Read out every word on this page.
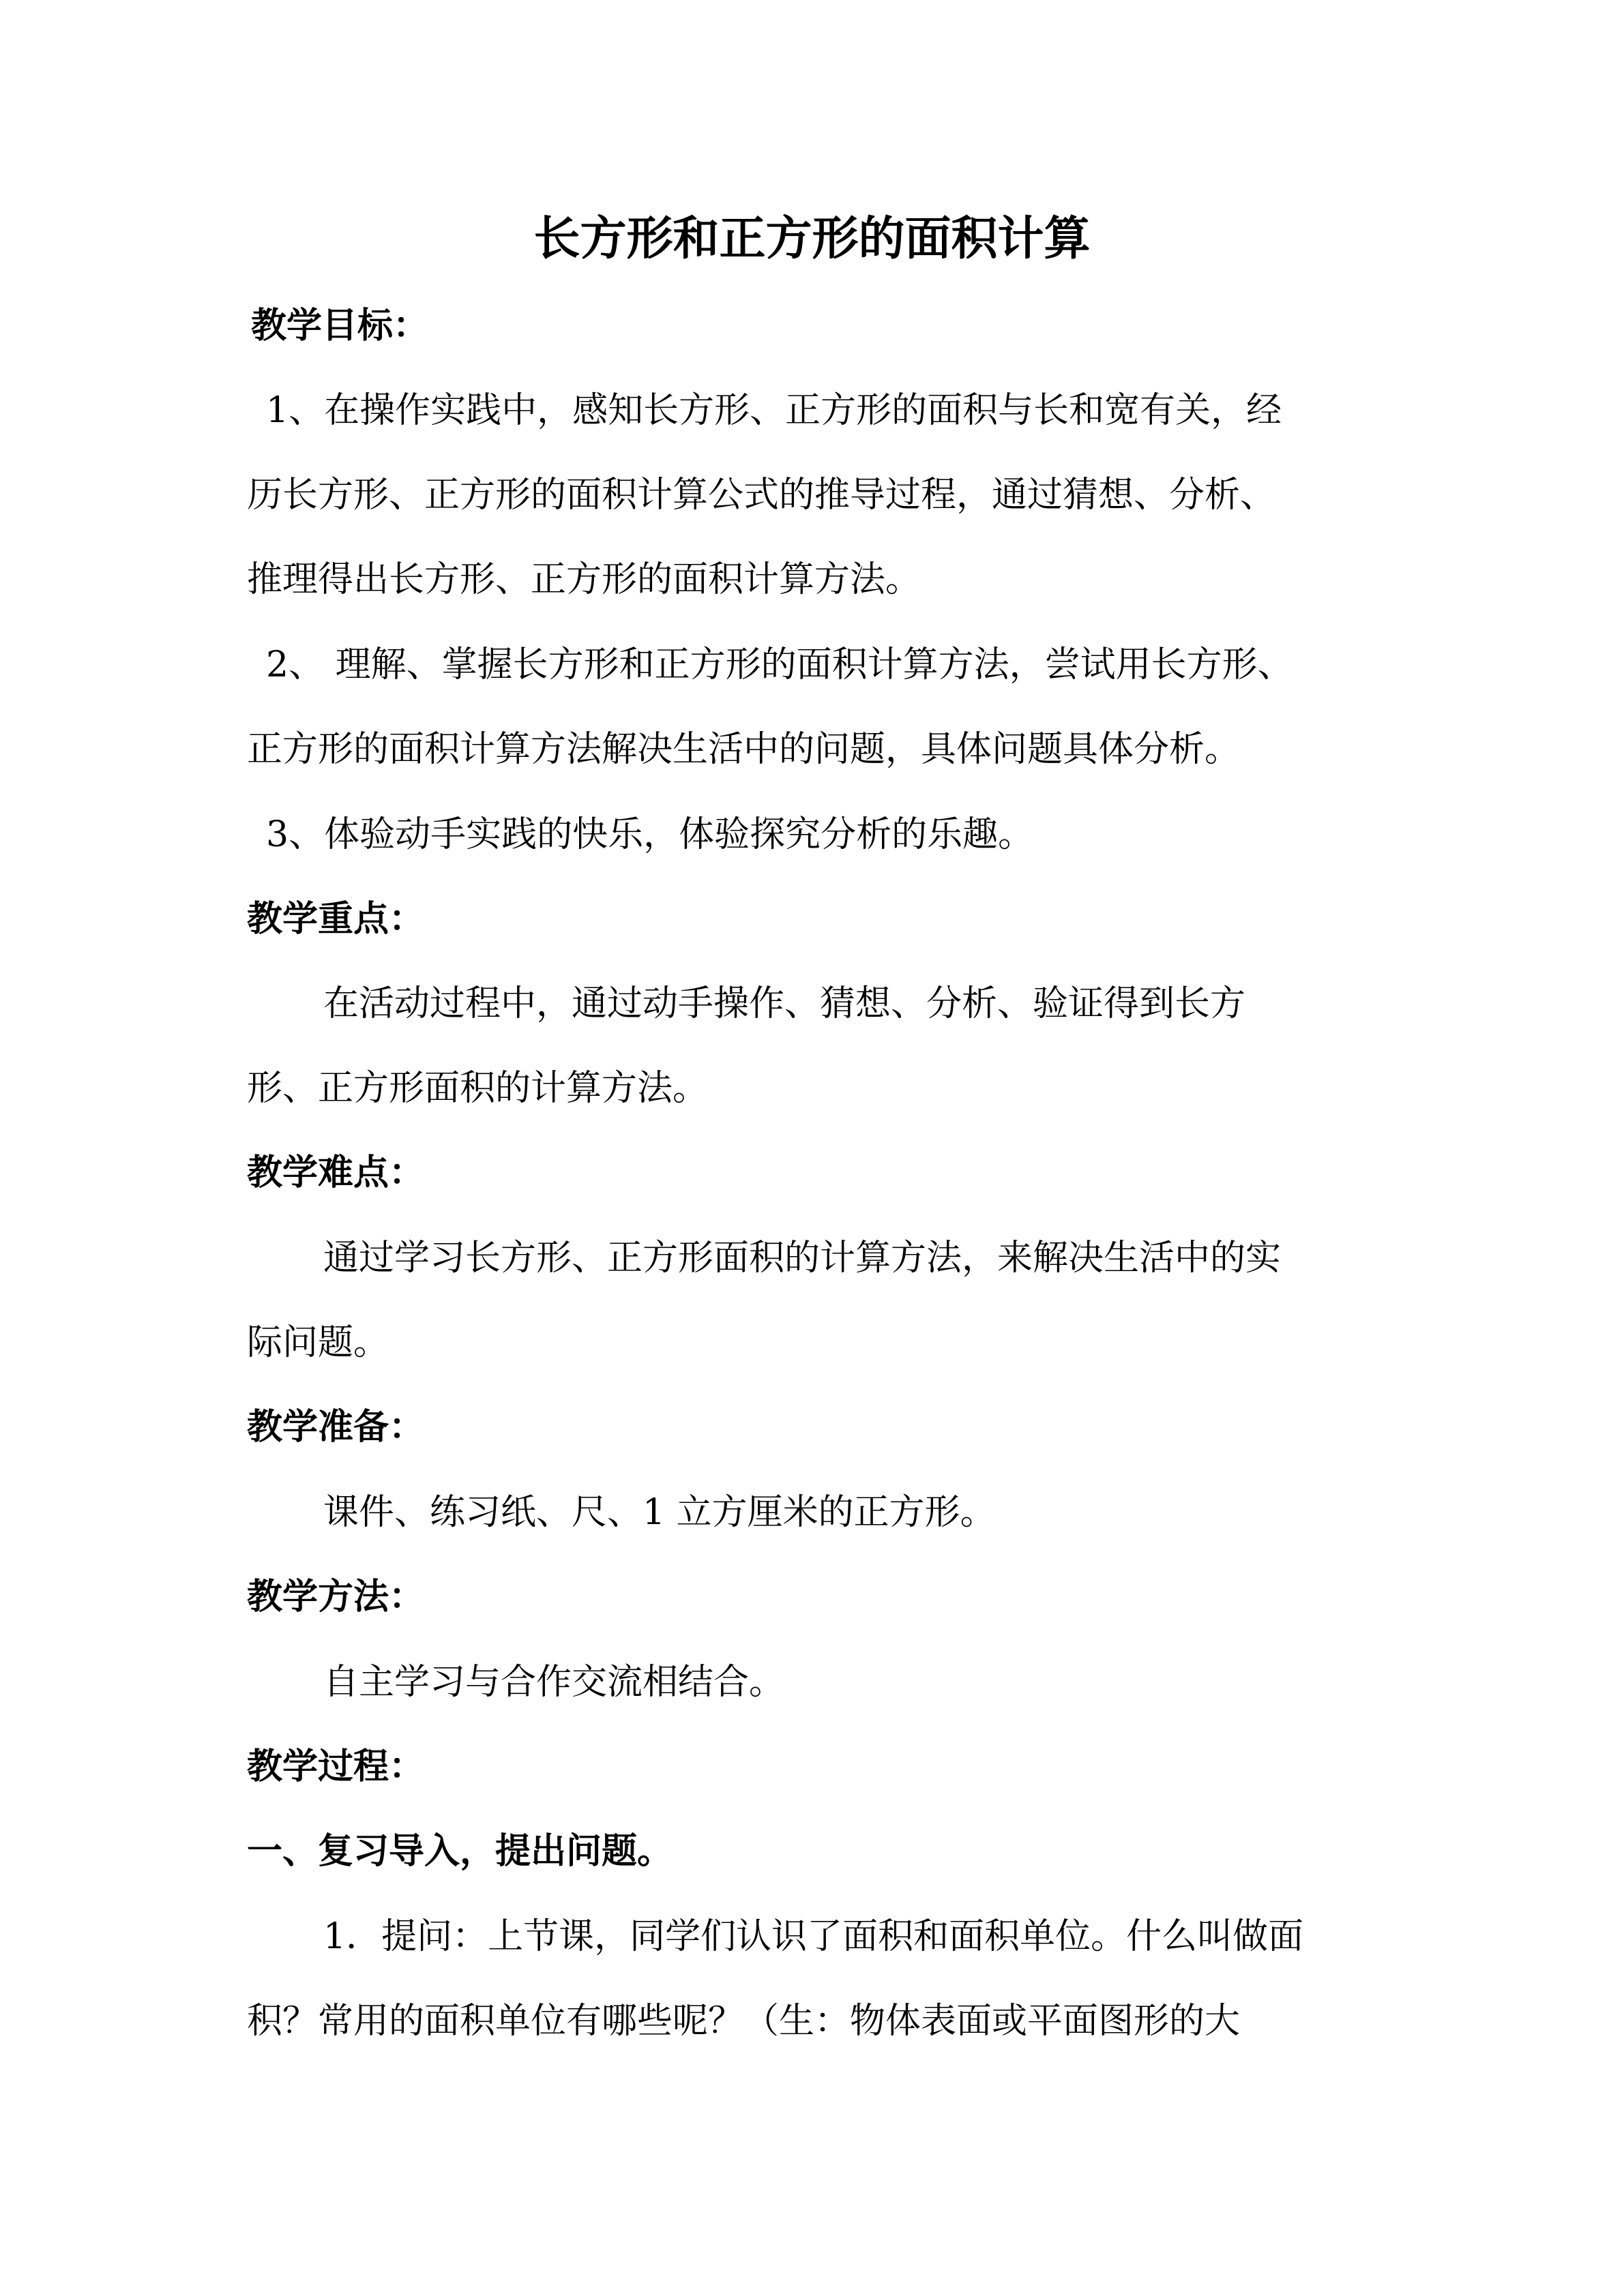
长方形和正方形的面积计算
教学目标：
1、在操作实践中，感知长方形、正方形的面积与长和宽有关，经
历长方形、正方形的面积计算公式的推导过程，通过猜想、分析、
推理得出长方形、正方形的面积计算方法。
2、 理解、掌握长方形和正方形的面积计算方法，尝试用长方形、
正方形的面积计算方法解决生活中的问题，具体问题具体分析。
3、体验动手实践的快乐，体验探究分析的乐趣。
教学重点：
在活动过程中，通过动手操作、猜想、分析、验证得到长方
形、正方形面积的计算方法。
教学难点：
通过学习长方形、正方形面积的计算方法，来解决生活中的实
际问题。
教学准备：
课件、练习纸、尺、1 立方厘米的正方形。
教学方法：
自主学习与合作交流相结合。
教学过程：
一、复习导入，提出问题。
1．提问：上节课，同学们认识了面积和面积单位。什么叫做面
积？常用的面积单位有哪些呢？（生：物体表面或平面图形的大
